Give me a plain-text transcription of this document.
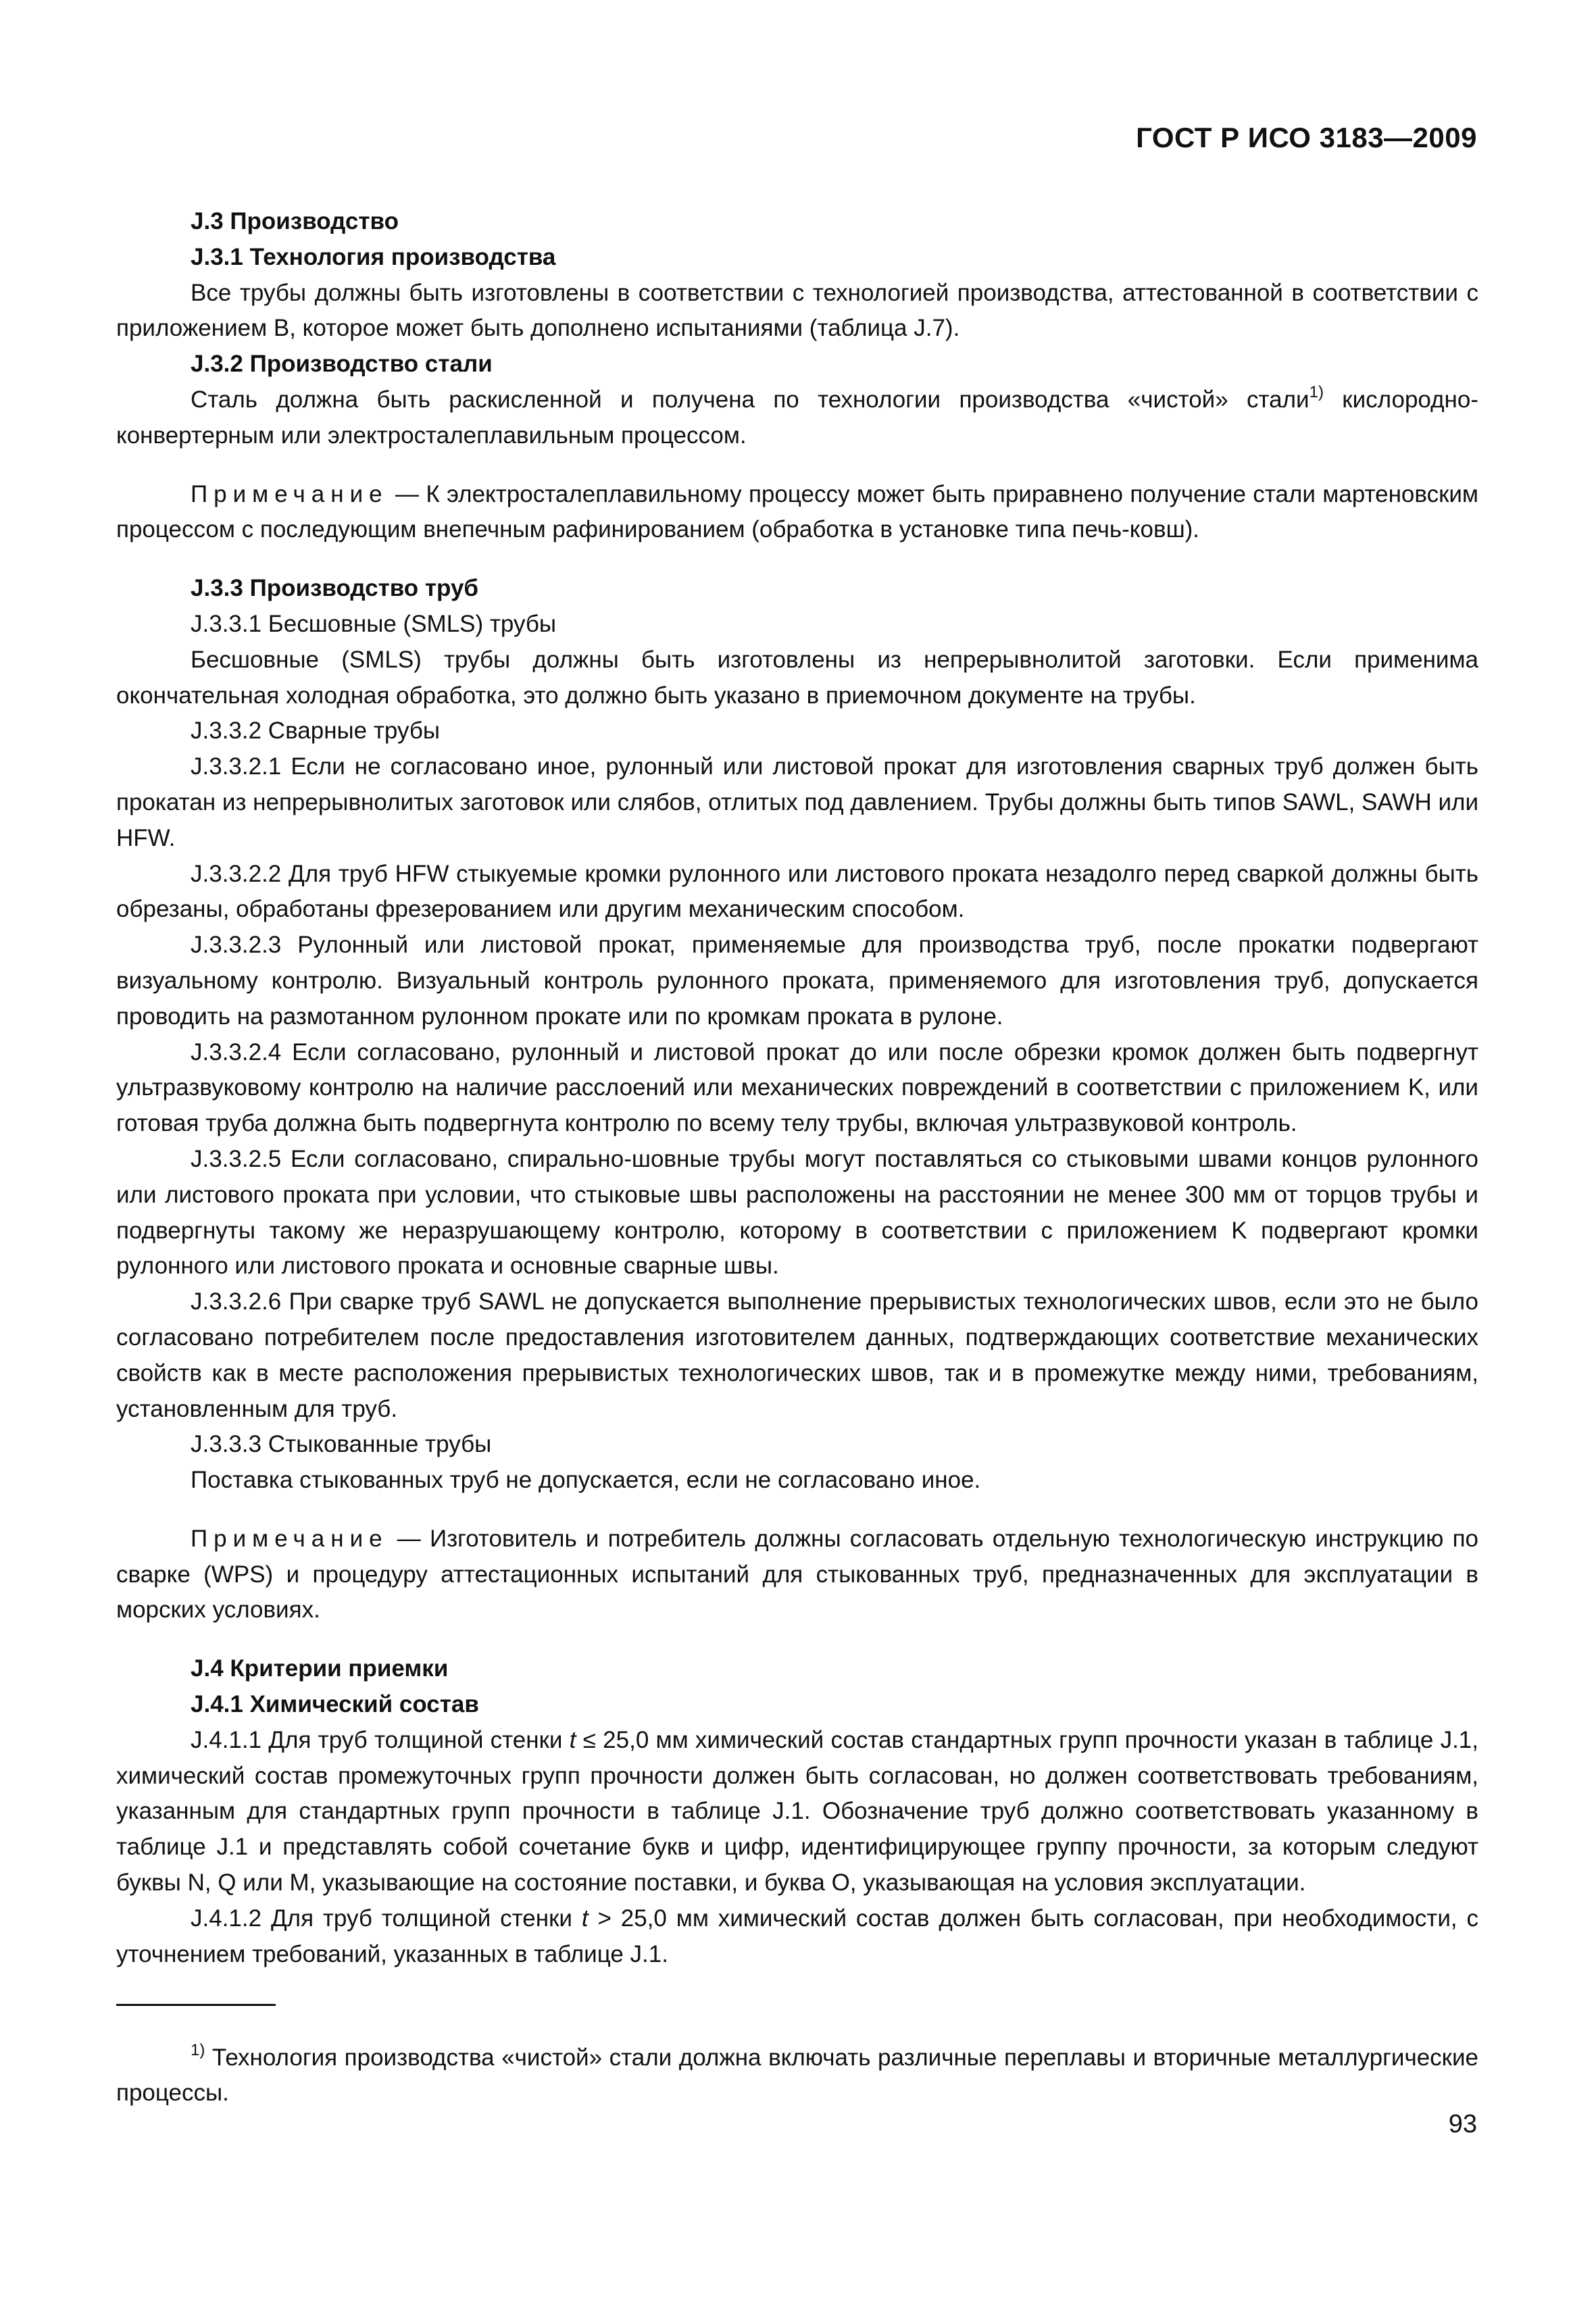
ГОСТ Р ИСО 3183—2009

J.3 Производство

J.3.1 Технология производства

Все трубы должны быть изготовлены в соответствии с технологией производства, аттестованной в соответствии с приложением B, которое может быть дополнено испытаниями (таблица J.7).

J.3.2 Производство стали

Сталь должна быть раскисленной и получена по технологии производства «чистой» стали$^{1)}$ кислородно-конвертерным или электросталеплавильным процессом.

Примечание — К электросталеплавильному процессу может быть приравнено получение стали мартеновским процессом с последующим внепечным рафинированием (обработка в установке типа печь-ковш).

J.3.3 Производство труб

J.3.3.1 Бесшовные (SMLS) трубы

Бесшовные (SMLS) трубы должны быть изготовлены из непрерывнолитой заготовки. Если применима окончательная холодная обработка, это должно быть указано в приемочном документе на трубы.

J.3.3.2 Сварные трубы

J.3.3.2.1 Если не согласовано иное, рулонный или листовой прокат для изготовления сварных труб должен быть прокатан из непрерывнолитых заготовок или слябов, отлитых под давлением. Трубы должны быть типов SAWL, SAWH или HFW.

J.3.3.2.2 Для труб HFW стыкуемые кромки рулонного или листового проката незадолго перед сваркой должны быть обрезаны, обработаны фрезерованием или другим механическим способом.

J.3.3.2.3 Рулонный или листовой прокат, применяемые для производства труб, после прокатки подвергают визуальному контролю. Визуальный контроль рулонного проката, применяемого для изготовления труб, допускается проводить на размотанном рулонном прокате или по кромкам проката в рулоне.

J.3.3.2.4 Если согласовано, рулонный и листовой прокат до или после обрезки кромок должен быть подвергнут ультразвуковому контролю на наличие расслоений или механических повреждений в соответствии с приложением K, или готовая труба должна быть подвергнута контролю по всему телу трубы, включая ультразвуковой контроль.

J.3.3.2.5 Если согласовано, спирально-шовные трубы могут поставляться со стыковыми швами концов рулонного или листового проката при условии, что стыковые швы расположены на расстоянии не менее 300 мм от торцов трубы и подвергнуты такому же неразрушающему контролю, которому в соответствии с приложением K подвергают кромки рулонного или листового проката и основные сварные швы.

J.3.3.2.6 При сварке труб SAWL не допускается выполнение прерывистых технологических швов, если это не было согласовано потребителем после предоставления изготовителем данных, подтверждающих соответствие механических свойств как в месте расположения прерывистых технологических швов, так и в промежутке между ними, требованиям, установленным для труб.

J.3.3.3 Стыкованные трубы

Поставка стыкованных труб не допускается, если не согласовано иное.

Примечание — Изготовитель и потребитель должны согласовать отдельную технологическую инструкцию по сварке (WPS) и процедуру аттестационных испытаний для стыкованных труб, предназначенных для эксплуатации в морских условиях.

J.4 Критерии приемки

J.4.1 Химический состав

J.4.1.1 Для труб толщиной стенки t ≤ 25,0 мм химический состав стандартных групп прочности указан в таблице J.1, химический состав промежуточных групп прочности должен быть согласован, но должен соответствовать требованиям, указанным для стандартных групп прочности в таблице J.1. Обозначение труб должно соответствовать указанному в таблице J.1 и представлять собой сочетание букв и цифр, идентифицирующее группу прочности, за которым следуют буквы N, Q или M, указывающие на состояние поставки, и буква O, указывающая на условия эксплуатации.

J.4.1.2 Для труб толщиной стенки t > 25,0 мм химический состав должен быть согласован, при необходимости, с уточнением требований, указанных в таблице J.1.

$^{1)}$ Технология производства «чистой» стали должна включать различные переплавы и вторичные металлургические процессы.

93
